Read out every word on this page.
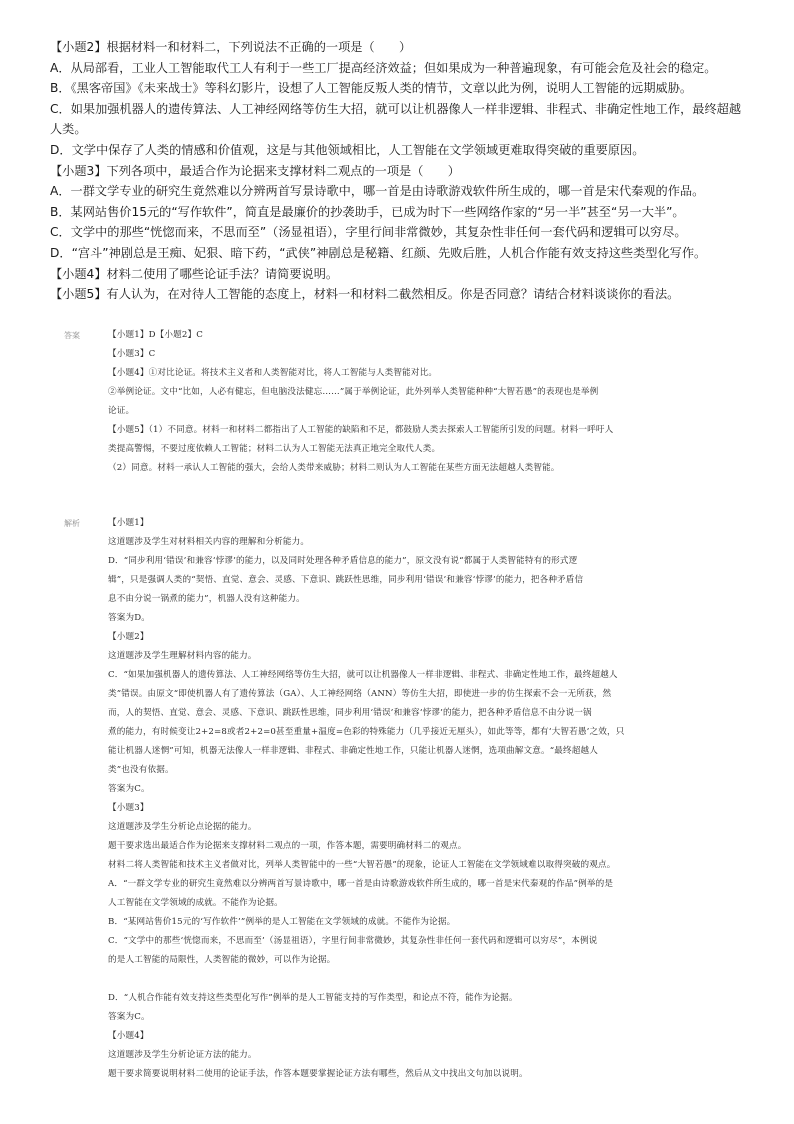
【小题2】根据材料一和材料二，下列说法不正确的一项是（　　）
A．从局部看，工业人工智能取代工人有利于一些工厂提高经济效益；但如果成为一种普遍现象，有可能会危及社会的稳定。
B．《黑客帝国》《未来战士》等科幻影片，设想了人工智能反叛人类的情节，文章以此为例，说明人工智能的远期威胁。
C．如果加强机器人的遗传算法、人工神经网络等仿生大招，就可以让机器像人一样非逻辑、非程式、非确定性地工作，最终超越
人类。
D．文学中保存了人类的情感和价值观，这是与其他领域相比，人工智能在文学领域更难取得突破的重要原因。
【小题3】下列各项中，最适合作为论据来支撑材料二观点的一项是（　　）
A．一群文学专业的研究生竟然难以分辨两首写景诗歌中，哪一首是由诗歌游戏软件所生成的，哪一首是宋代秦观的作品。
B．某网站售价15元的“写作软件”，简直是最廉价的抄袭助手，已成为时下一些网络作家的“另一半”甚至“另一大半”。
C．文学中的那些“恍惚而来，不思而至”（汤显祖语），字里行间非常微妙，其复杂性非任何一套代码和逻辑可以穷尽。
D．“宫斗”神剧总是王痴、妃狠、暗下药，“武侠”神剧总是秘籍、红颜、先败后胜，人机合作能有效支持这些类型化写作。
【小题4】材料二使用了哪些论证手法？请简要说明。
【小题5】有人认为，在对待人工智能的态度上，材料一和材料二截然相反。你是否同意？请结合材料谈谈你的看法。
答案	【小题1】D【小题2】C
【小题3】C
【小题4】①对比论证。将技术主义者和人类智能对比，将人工智能与人类智能对比。
②举例论证。文中“比如，人必有健忘，但电脑没法健忘……”属于举例论证，此外列举人类智能种种“大智若愚”的表现也是举例
论证。
【小题5】（1）不同意。材料一和材料二都指出了人工智能的缺陷和不足，都鼓励人类去探索人工智能所引发的问题。材料一呼吁人
类提高警惕，不要过度依赖人工智能；材料二认为人工智能无法真正地完全取代人类。
（2）同意。材料一承认人工智能的强大，会给人类带来威胁；材料二则认为人工智能在某些方面无法超越人类智能。
解析	【小题1】
这道题涉及学生对材料相关内容的理解和分析能力。
D．“同步利用‘错误’和兼容‘悖谬’的能力，以及同时处理各种矛盾信息的能力”，原文没有说“都属于人类智能特有的形式逻
辑”，只是强调人类的“契悟、直觉、意会、灵感、下意识、跳跃性思维，同步利用‘错误’和兼容‘悖谬’的能力，把各种矛盾信
息不由分说一锅煮的能力”，机器人没有这种能力。
答案为D。
【小题2】
这道题涉及学生理解材料内容的能力。
C．“如果加强机器人的遗传算法、人工神经网络等仿生大招，就可以让机器像人一样非逻辑、非程式、非确定性地工作，最终超越人
类”错误。由原文“即使机器人有了遗传算法（GA）、人工神经网络（ANN）等仿生大招，即使进一步的仿生探索不会一无所获，然
而，人的契悟、直觉、意会、灵感、下意识、跳跃性思维，同步利用‘错误’和兼容‘悖谬’的能力，把各种矛盾信息不由分说一锅
煮的能力，有时候变让2+2=8或者2+2=0甚至重量+温度=色彩的特殊能力（几乎接近无厘头），如此等等，都有‘大智若愚’之效，只
能让机器人迷惘”可知，机器无法像人一样非逻辑、非程式、非确定性地工作，只能让机器人迷惘，选项曲解文意。“最终超越人
类”也没有依据。
答案为C。
【小题3】
这道题涉及学生分析论点论据的能力。
题干要求选出最适合作为论据来支撑材料二观点的一项，作答本题，需要明确材料二的观点。
材料二将人类智能和技术主义者做对比，列举人类智能中的一些“大智若愚”的现象，论证人工智能在文学领域难以取得突破的观点。
A．“一群文学专业的研究生竟然难以分辨两首写景诗歌中，哪一首是由诗歌游戏软件所生成的，哪一首是宋代秦观的作品”例举的是
人工智能在文学领域的成就。不能作为论据。
B．“某网站售价15元的‘写作软件’”例举的是人工智能在文学领域的成就。不能作为论据。
C．“文学中的那些‘恍惚而来，不思而至’（汤显祖语），字里行间非常微妙，其复杂性非任何一套代码和逻辑可以穷尽”，本例说
的是人工智能的局限性，人类智能的微妙，可以作为论据。
D．“人机合作能有效支持这些类型化写作”例举的是人工智能支持的写作类型，和论点不符，能作为论据。
答案为C。
【小题4】
这道题涉及学生分析论证方法的能力。
题干要求简要说明材料二使用的论证手法，作答本题要掌握论证方法有哪些，然后从文中找出文句加以说明。
